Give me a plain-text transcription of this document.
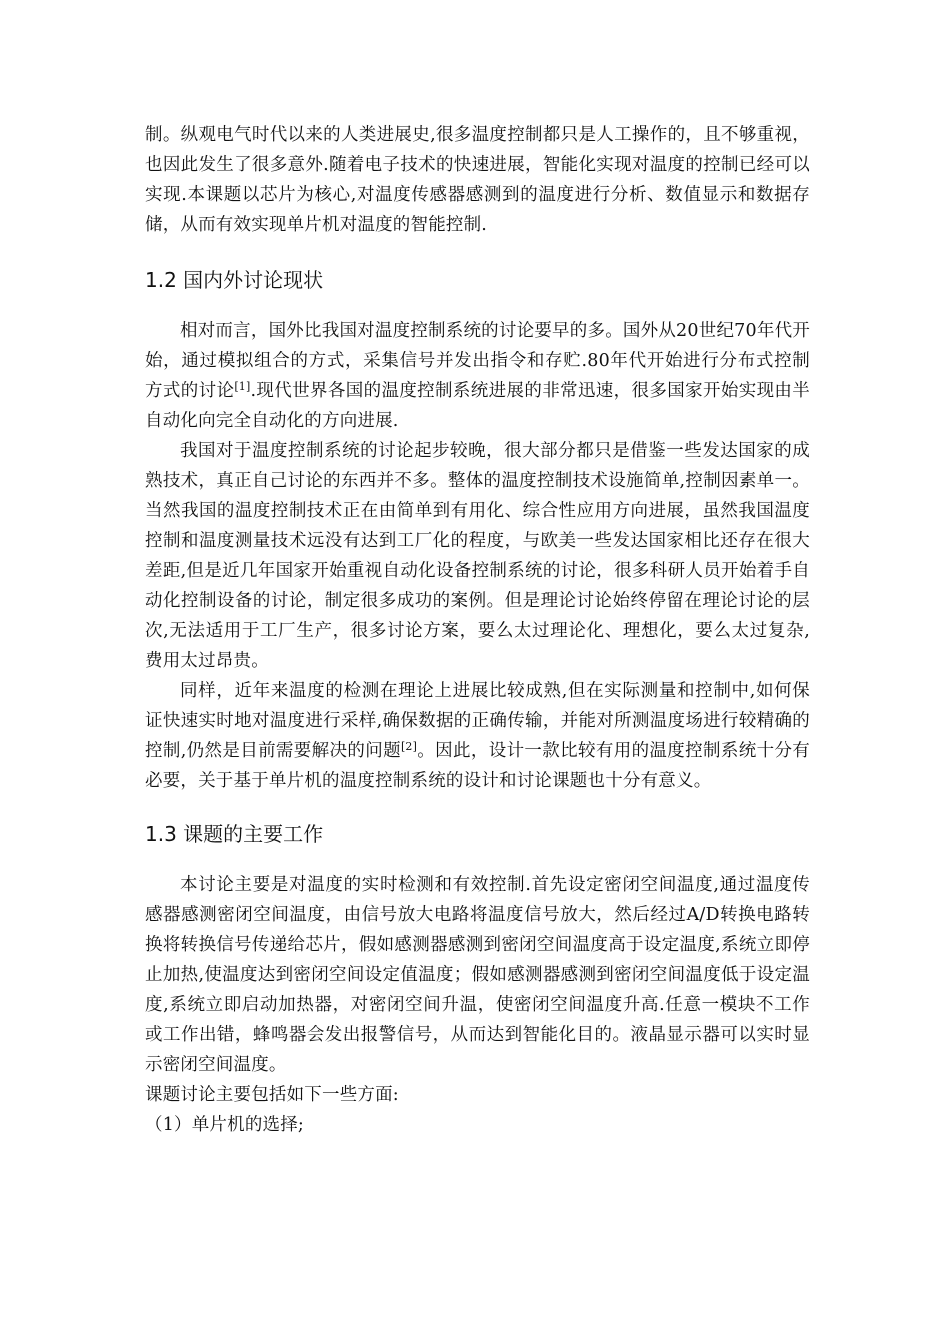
制。纵观电气时代以来的人类进展史,很多温度控制都只是人工操作的，且不够重视，也因此发生了很多意外.随着电子技术的快速进展，智能化实现对温度的控制已经可以实现.本课题以芯片为核心,对温度传感器感测到的温度进行分析、数值显示和数据存储，从而有效实现单片机对温度的智能控制.

1.2 国内外讨论现状

相对而言，国外比我国对温度控制系统的讨论要早的多。国外从20世纪70年代开始，通过模拟组合的方式，采集信号并发出指令和存贮.80年代开始进行分布式控制方式的讨论[1].现代世界各国的温度控制系统进展的非常迅速，很多国家开始实现由半自动化向完全自动化的方向进展.

我国对于温度控制系统的讨论起步较晚，很大部分都只是借鉴一些发达国家的成熟技术，真正自己讨论的东西并不多。整体的温度控制技术设施简单,控制因素单一。当然我国的温度控制技术正在由简单到有用化、综合性应用方向进展，虽然我国温度控制和温度测量技术远没有达到工厂化的程度，与欧美一些发达国家相比还存在很大差距,但是近几年国家开始重视自动化设备控制系统的讨论，很多科研人员开始着手自动化控制设备的讨论，制定很多成功的案例。但是理论讨论始终停留在理论讨论的层次,无法适用于工厂生产，很多讨论方案，要么太过理论化、理想化，要么太过复杂,费用太过昂贵。

同样，近年来温度的检测在理论上进展比较成熟,但在实际测量和控制中,如何保证快速实时地对温度进行采样,确保数据的正确传输，并能对所测温度场进行较精确的控制,仍然是目前需要解决的问题[2]。因此，设计一款比较有用的温度控制系统十分有必要，关于基于单片机的温度控制系统的设计和讨论课题也十分有意义。

1.3 课题的主要工作

本讨论主要是对温度的实时检测和有效控制.首先设定密闭空间温度,通过温度传感器感测密闭空间温度，由信号放大电路将温度信号放大，然后经过A/D转换电路转换将转换信号传递给芯片，假如感测器感测到密闭空间温度高于设定温度,系统立即停止加热,使温度达到密闭空间设定值温度；假如感测器感测到密闭空间温度低于设定温度,系统立即启动加热器，对密闭空间升温，使密闭空间温度升高.任意一模块不工作或工作出错，蜂鸣器会发出报警信号，从而达到智能化目的。液晶显示器可以实时显示密闭空间温度。

课题讨论主要包括如下一些方面:

（1）单片机的选择;
